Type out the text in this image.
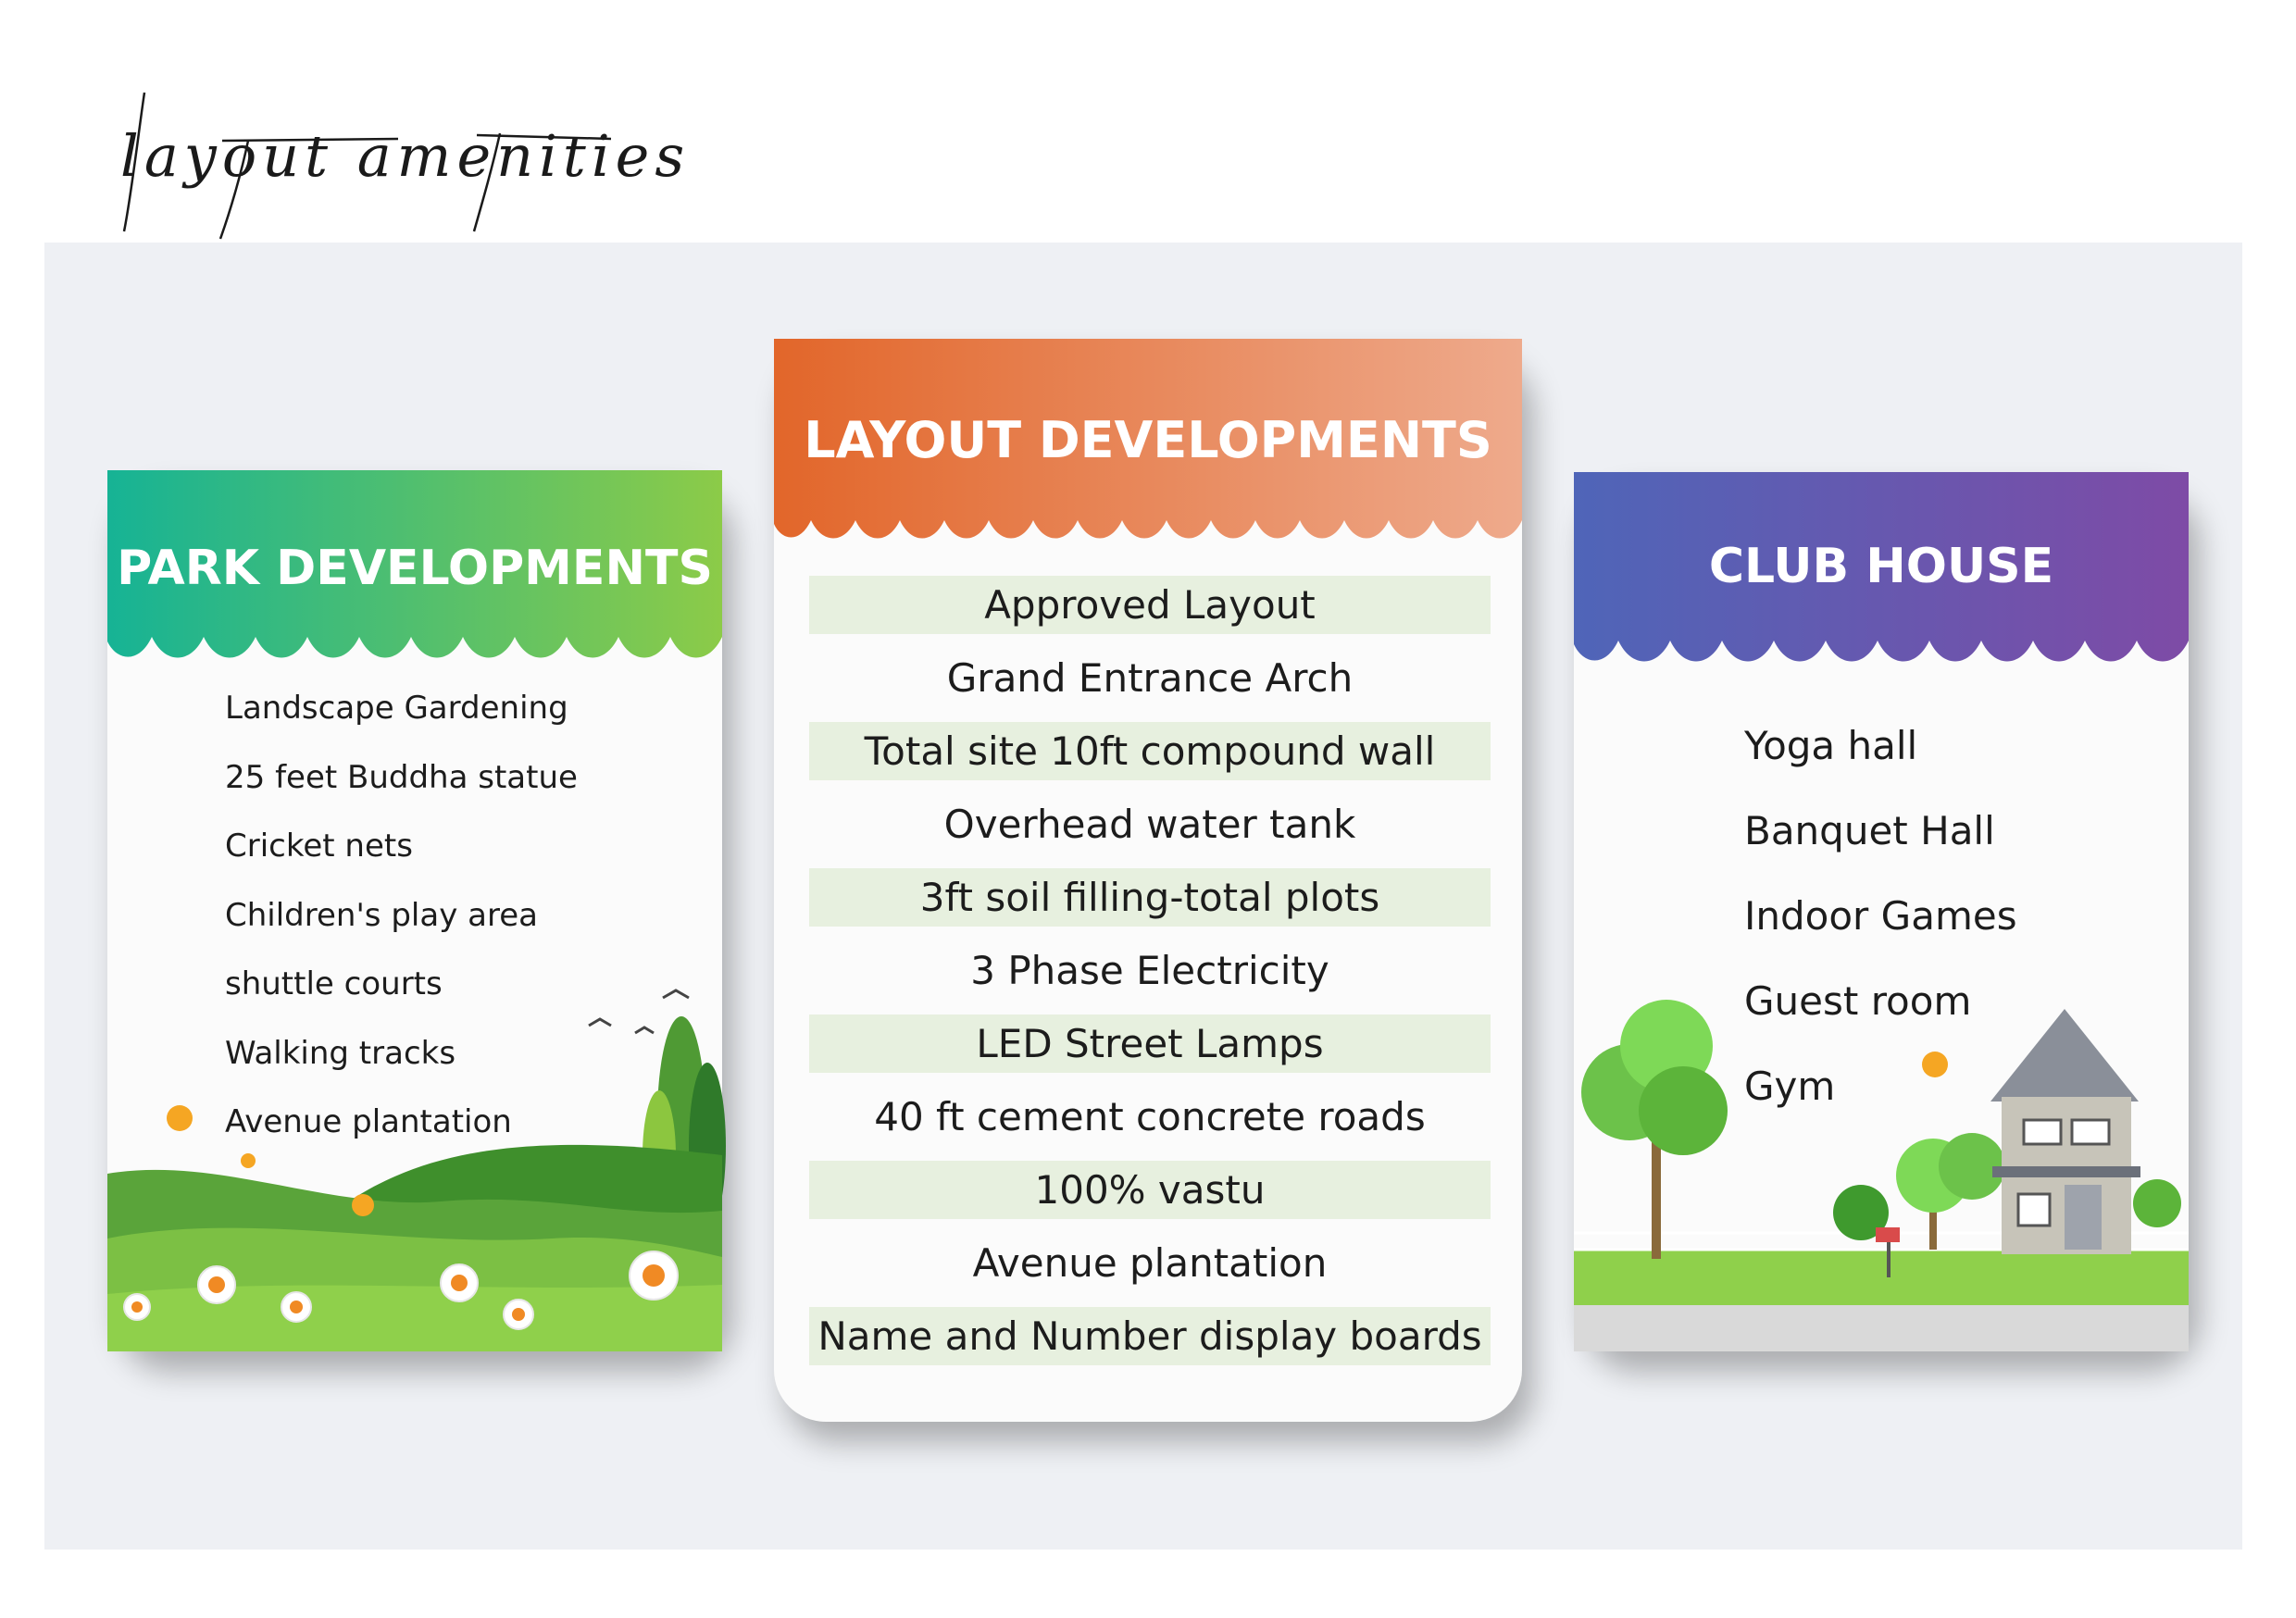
layout amenities
PARK DEVELOPMENTS
Landscape Gardening
25 feet Buddha statue
Cricket nets
Children's play area
shuttle courts
Walking tracks
Avenue plantation
LAYOUT DEVELOPMENTS
Approved Layout
Grand Entrance Arch
Total site 10ft compound wall
Overhead water tank
3ft soil filling-total plots
3 Phase Electricity
LED Street Lamps
40 ft cement concrete roads
100% vastu
Avenue plantation
Name and Number display boards
CLUB HOUSE
Yoga hall
Banquet Hall
Indoor Games
Guest room
Gym
